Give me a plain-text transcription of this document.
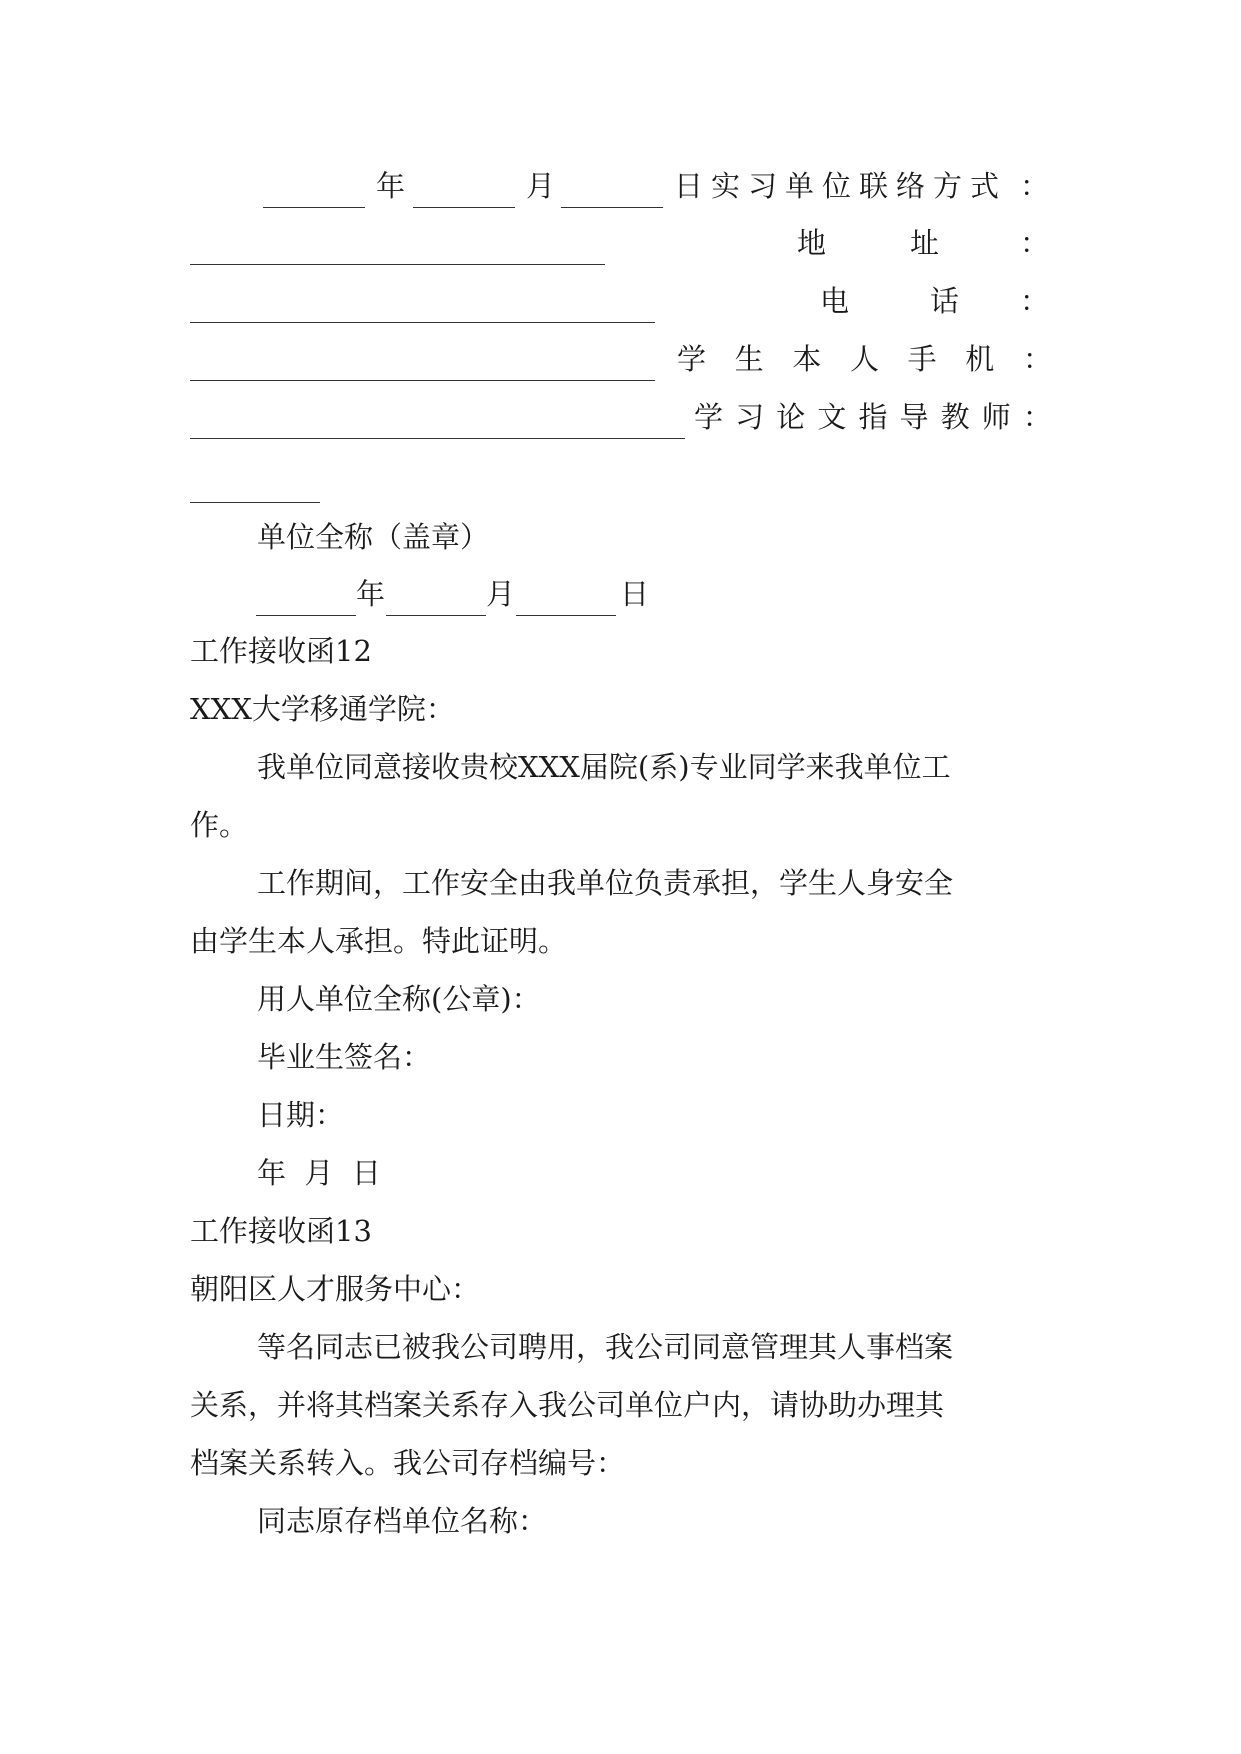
年	月	日实习单位联络方式 ：
地	址	：
电	话 ：
学 生 本 人 手 机 ：
学 习 论 文 指 导 教 师 ：
单位全称（盖章）
年	月	日
工作接收函12
XXX大学移通学院：
我单位同意接收贵校XXX届院(系)专业同学来我单位工
作。
工作期间，工作安全由我单位负责承担，学生人身安全
由学生本人承担。特此证明。
用人单位全称(公章)：
毕业生签名：
日期：
年  月  日
工作接收函13
朝阳区人才服务中心：
等名同志已被我公司聘用，我公司同意管理其人事档案
关系，并将其档案关系存入我公司单位户内，请协助办理其
档案关系转入。我公司存档编号：
同志原存档单位名称：
